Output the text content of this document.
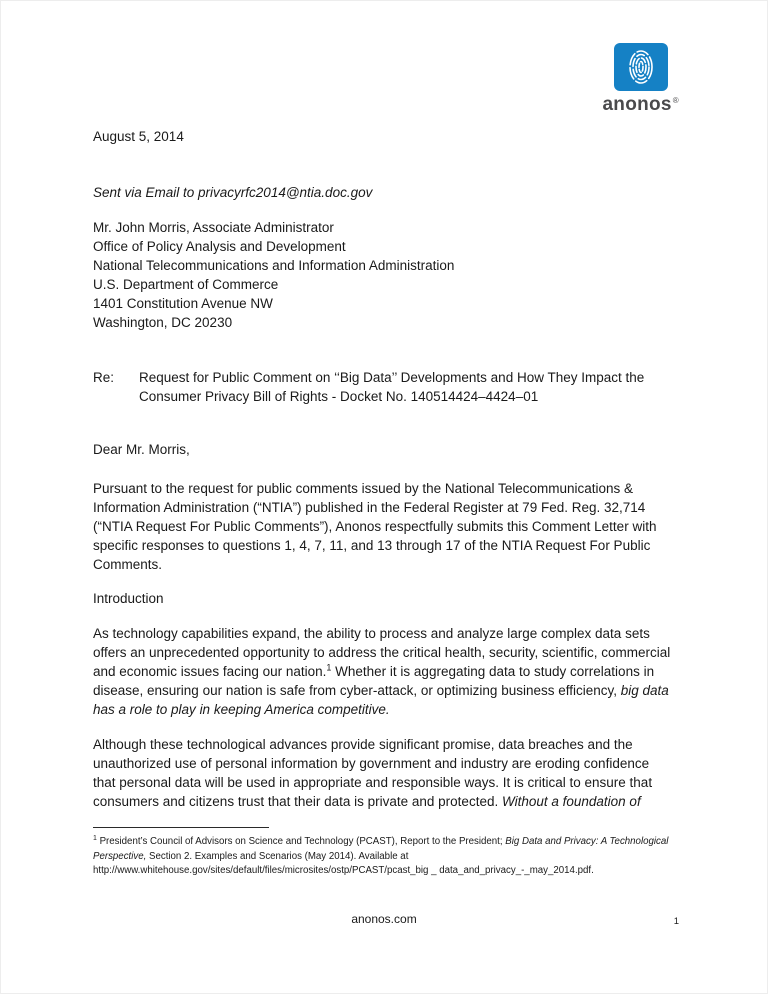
anonos®

August 5, 2014

Sent via Email to privacyrfc2014@ntia.doc.gov

Mr. John Morris, Associate Administrator

Office of Policy Analysis and Development

National Telecommunications and Information Administration

U.S. Department of Commerce

1401 Constitution Avenue NW

Washington, DC 20230

Re:	Request for Public Comment on ‘‘Big Data’’ Developments and How They Impact the
Consumer Privacy Bill of Rights - Docket No. 140514424–4424–01

Dear Mr. Morris,

Pursuant to the request for public comments issued by the National Telecommunications & Information Administration (“NTIA”) published in the Federal Register at 79 Fed. Reg. 32,714 (“NTIA Request For Public Comments”), Anonos respectfully submits this Comment Letter with specific responses to questions 1, 4, 7, 11, and 13 through 17 of the NTIA Request For Public Comments.

Introduction

As technology capabilities expand, the ability to process and analyze large complex data sets offers an unprecedented opportunity to address the critical health, security, scientific, commercial and economic issues facing our nation.$^1$ Whether it is aggregating data to study correlations in disease, ensuring our nation is safe from cyber-attack, or optimizing business efficiency, big data has a role to play in keeping America competitive.

Although these technological advances provide significant promise, data breaches and the unauthorized use of personal information by government and industry are eroding confidence that personal data will be used in appropriate and responsible ways. It is critical to ensure that consumers and citizens trust that their data is private and protected. Without a foundation of

$^1$ President’s Council of Advisors on Science and Technology (PCAST), Report to the President; Big Data and Privacy: A Technological Perspective, Section 2. Examples and Scenarios (May 2014). Available at http://www.whitehouse.gov/sites/default/files/microsites/ostp/PCAST/pcast_big _ data_and_privacy_-_may_2014.pdf.

anonos.com	1
